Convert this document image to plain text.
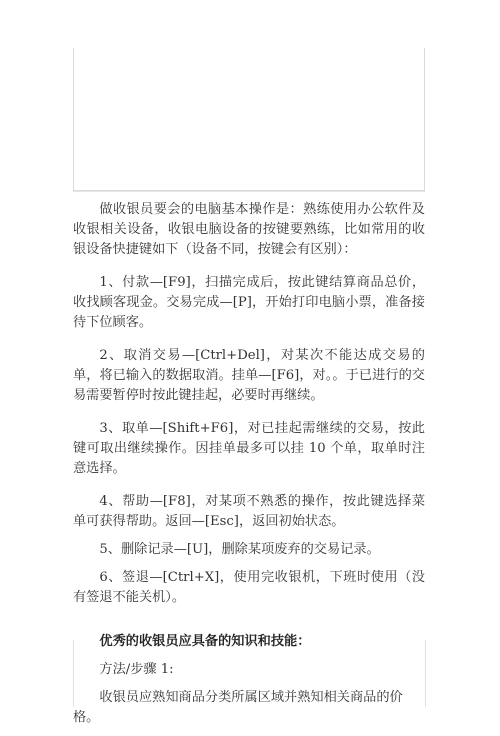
做收银员要会的电脑基本操作是：熟练使用办公软件及收银相关设备，收银电脑设备的按键要熟练，比如常用的收银设备快捷键如下（设备不同，按键会有区别）：

1、付款—[F9]，扫描完成后，按此键结算商品总价，收找顾客现金。交易完成—[P]，开始打印电脑小票，准备接待下位顾客。

2、取消交易—[Ctrl+Del]，对某次不能达成交易的单，将已输入的数据取消。挂单—[F6]，对。。于已进行的交易需要暂停时按此键挂起，必要时再继续。

3、取单—[Shift+F6]，对已挂起需继续的交易，按此键可取出继续操作。因挂单最多可以挂 10 个单，取单时注意选择。

4、帮助—[F8]，对某项不熟悉的操作，按此键选择菜单可获得帮助。返回—[Esc]，返回初始状态。

5、删除记录—[U]，删除某项废弃的交易记录。

6、签退—[Ctrl+X]，使用完收银机，下班时使用（没有签退不能关机）。

优秀的收银员应具备的知识和技能：

方法/步骤 1:

收银员应熟知商品分类所属区域并熟知相关商品的价格。
